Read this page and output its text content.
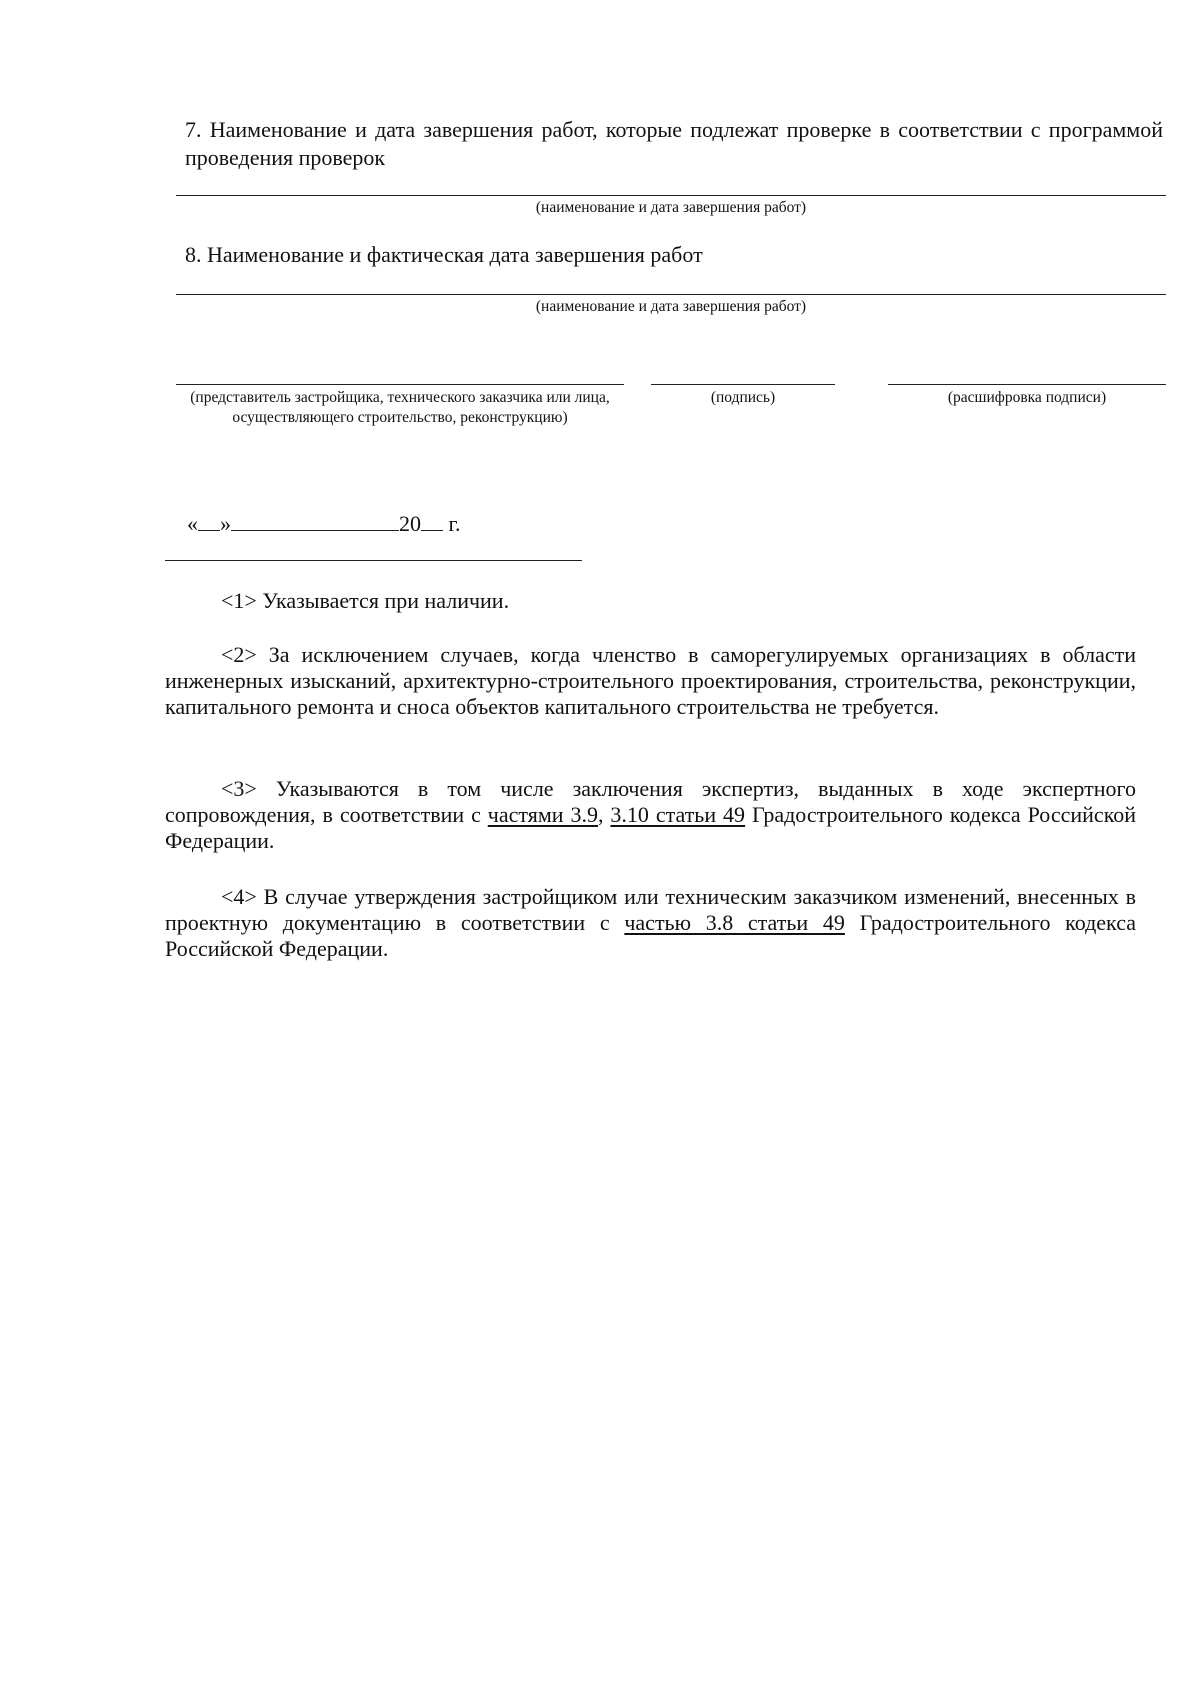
7. Наименование и дата завершения работ, которые подлежат проверке в соответствии с программой проведения проверок
(наименование и дата завершения работ)
8. Наименование и фактическая дата завершения работ
(наименование и дата завершения работ)
(представитель застройщика, технического заказчика или лица, осуществляющего строительство, реконструкцию)
(подпись)	(расшифровка подписи)

« »	20 г.

<1> Указывается при наличии.
<2> За исключением случаев, когда членство в саморегулируемых организациях в области инженерных изысканий, архитектурно-строительного проектирования, строительства, реконструкции, капитального ремонта и сноса объектов капитального строительства не требуется.
<3> Указываются в том числе заключения экспертиз, выданных в ходе экспертного сопровождения, в соответствии с частями 3.9, 3.10 статьи 49 Градостроительного кодекса Российской Федерации.
<4> В случае утверждения застройщиком или техническим заказчиком изменений, внесенных в проектную документацию в соответствии с частью 3.8 статьи 49 Градостроительного кодекса Российской Федерации.
